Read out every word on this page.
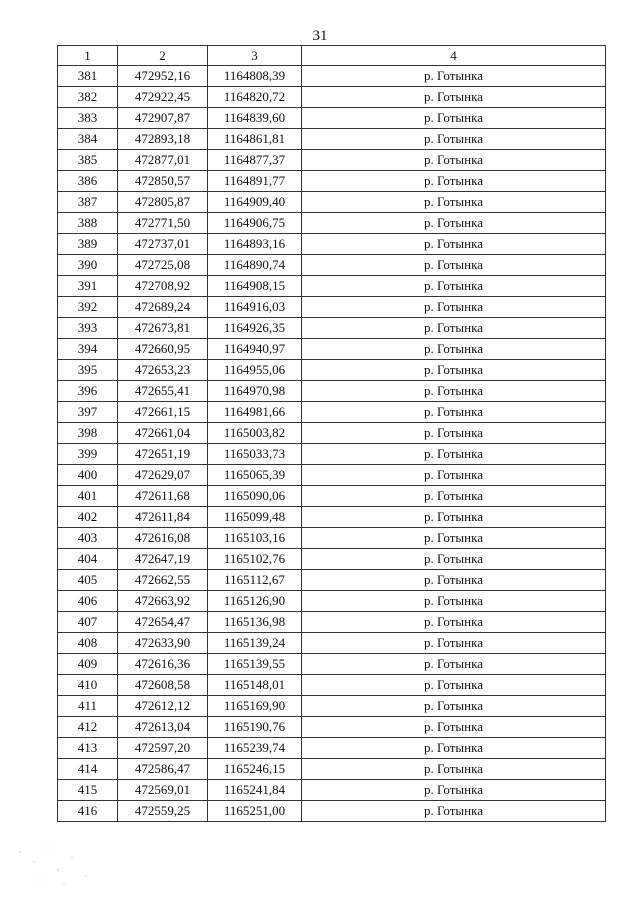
31
1	2	3	4
381	472952,16	1164808,39	р. Готынка
382	472922,45	1164820,72	р. Готынка
383	472907,87	1164839,60	р. Готынка
384	472893,18	1164861,81	р. Готынка
385	472877,01	1164877,37	р. Готынка
386	472850,57	1164891,77	р. Готынка
387	472805,87	1164909,40	р. Готынка
388	472771,50	1164906,75	р. Готынка
389	472737,01	1164893,16	р. Готынка
390	472725,08	1164890,74	р. Готынка
391	472708,92	1164908,15	р. Готынка
392	472689,24	1164916,03	р. Готынка
393	472673,81	1164926,35	р. Готынка
394	472660,95	1164940,97	р. Готынка
395	472653,23	1164955,06	р. Готынка
396	472655,41	1164970,98	р. Готынка
397	472661,15	1164981,66	р. Готынка
398	472661,04	1165003,82	р. Готынка
399	472651,19	1165033,73	р. Готынка
400	472629,07	1165065,39	р. Готынка
401	472611,68	1165090,06	р. Готынка
402	472611,84	1165099,48	р. Готынка
403	472616,08	1165103,16	р. Готынка
404	472647,19	1165102,76	р. Готынка
405	472662,55	1165112,67	р. Готынка
406	472663,92	1165126,90	р. Готынка
407	472654,47	1165136,98	р. Готынка
408	472633,90	1165139,24	р. Готынка
409	472616,36	1165139,55	р. Готынка
410	472608,58	1165148,01	р. Готынка
411	472612,12	1165169,90	р. Готынка
412	472613,04	1165190,76	р. Готынка
413	472597,20	1165239,74	р. Готынка
414	472586,47	1165246,15	р. Готынка
415	472569,01	1165241,84	р. Готынка
416	472559,25	1165251,00	р. Готынка
